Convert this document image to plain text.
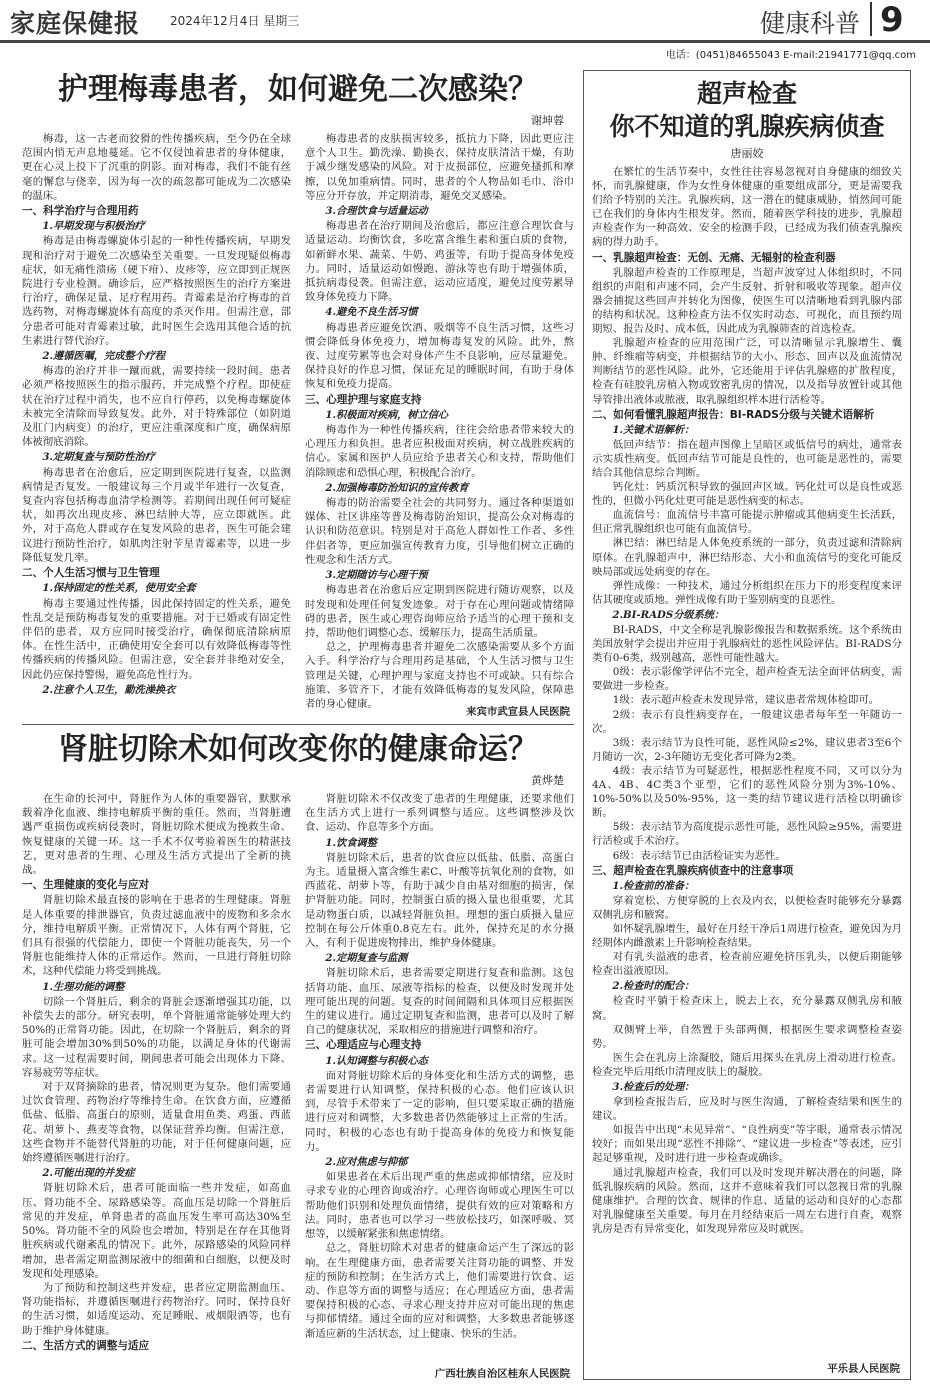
家庭保健报 2024年12月4日 星期三	健康科普 9
电话：(0451)84655043 E-mail:21941771@qq.com
护理梅毒患者，如何避免二次感染？
谢坤蓉

梅毒，这一古老而狡猾的性传播疾病，至今仍在全球范围内悄无声息地蔓延。它不仅侵蚀着患者的身体健康，更在心灵上投下了沉重的阴影。面对梅毒，我们不能有丝毫的懈怠与侥幸，因为每一次的疏忽都可能成为二次感染的温床。

一、科学治疗与合理用药
1.早期发现与积极治疗

梅毒是由梅毒螺旋体引起的一种性传播疾病，早期发现和治疗对于避免二次感染至关重要。一旦发现疑似梅毒症状，如无痛性溃疡（硬下疳）、皮疹等，应立即到正规医院进行专业检测。确诊后，应严格按照医生的治疗方案进行治疗，确保足量、足疗程用药。青霉素是治疗梅毒的首选药物，对梅毒螺旋体有高度的杀灭作用。但需注意，部分患者可能对青霉素过敏，此时医生会选用其他合适的抗生素进行替代治疗。

2.遵循医嘱，完成整个疗程

梅毒的治疗并非一蹴而就，需要持续一段时间。患者必须严格按照医生的指示服药，并完成整个疗程。即使症状在治疗过程中消失，也不应自行停药，以免梅毒螺旋体未被完全清除而导致复发。此外，对于特殊部位（如阴道及肛门内病变）的治疗，更应注重深度和广度，确保病原体被彻底消除。

3.定期复查与预防性治疗

梅毒患者在治愈后，应定期到医院进行复查，以监测病情是否复发。一般建议每三个月或半年进行一次复查，复查内容包括梅毒血清学检测等。若期间出现任何可疑症状，如再次出现皮疹、淋巴结肿大等，应立即就医。此外，对于高危人群或存在复发风险的患者，医生可能会建议进行预防性治疗，如肌肉注射苄星青霉素等，以进一步降低复发几率。

二、个人生活习惯与卫生管理
1.保持固定的性关系，使用安全套

梅毒主要通过性传播，因此保持固定的性关系，避免性乱交是预防梅毒复发的重要措施。对于已婚或有固定性伴侣的患者，双方应同时接受治疗，确保彻底清除病原体。在性生活中，正确使用安全套可以有效降低梅毒等性传播疾病的传播风险。但需注意，安全套并非绝对安全，因此仍应保持警惕，避免高危性行为。

2.注意个人卫生，勤洗澡换衣

梅毒患者的皮肤损害较多，抵抗力下降，因此更应注意个人卫生。勤洗澡、勤换衣，保持皮肤清洁干燥，有助于减少继发感染的风险。对于皮损部位，应避免搔抓和摩擦，以免加重病情。同时，患者的个人物品如毛巾、浴巾等应分开存放，并定期消毒，避免交叉感染。

3.合理饮食与适量运动

梅毒患者在治疗期间及治愈后，都应注意合理饮食与适量运动。均衡饮食，多吃富含维生素和蛋白质的食物，如新鲜水果、蔬菜、牛奶、鸡蛋等，有助于提高身体免疫力。同时，适量运动如慢跑、游泳等也有助于增强体质，抵抗病毒侵袭。但需注意，运动应适度，避免过度劳累导致身体免疫力下降。

4.避免不良生活习惯

梅毒患者应避免饮酒、吸烟等不良生活习惯，这些习惯会降低身体免疫力，增加梅毒复发的风险。此外，熬夜、过度劳累等也会对身体产生不良影响，应尽量避免。保持良好的作息习惯，保证充足的睡眠时间，有助于身体恢复和免疫力提高。

三、心理护理与家庭支持
1.积极面对疾病，树立信心

梅毒作为一种性传播疾病，往往会给患者带来较大的心理压力和负担。患者应积极面对疾病，树立战胜疾病的信心。家属和医护人员应给予患者关心和支持，帮助他们消除顾虑和恐惧心理，积极配合治疗。

2.加强梅毒防治知识的宣传教育

梅毒的防治需要全社会的共同努力。通过各种渠道如媒体、社区讲座等普及梅毒防治知识，提高公众对梅毒的认识和防范意识。特别是对于高危人群如性工作者、多性伴侣者等，更应加强宣传教育力度，引导他们树立正确的性观念和生活方式。

3.定期随访与心理干预

梅毒患者在治愈后应定期到医院进行随访观察，以及时发现和处理任何复发迹象。对于存在心理问题或情绪障碍的患者，医生或心理咨询师应给予适当的心理干预和支持，帮助他们调整心态、缓解压力，提高生活质量。

总之，护理梅毒患者并避免二次感染需要从多个方面入手。科学治疗与合理用药是基础，个人生活习惯与卫生管理是关键，心理护理与家庭支持也不可或缺。只有综合施策、多管齐下，才能有效降低梅毒的复发风险，保障患者的身心健康。

来宾市武宣县人民医院
肾脏切除术如何改变你的健康命运？
黄烨楚

在生命的长河中，肾脏作为人体的重要器官，默默承载着净化血液、维持电解质平衡的重任。然而，当肾脏遭遇严重损伤或疾病侵袭时，肾脏切除术便成为挽救生命、恢复健康的关键一环。这一手术不仅考验着医生的精湛技艺，更对患者的生理、心理及生活方式提出了全新的挑战。

一、生理健康的变化与应对

肾脏切除术最直接的影响在于患者的生理健康。肾脏是人体重要的排泄器官，负责过滤血液中的废物和多余水分，维持电解质平衡。正常情况下，人体有两个肾脏，它们具有很强的代偿能力，即使一个肾脏功能丧失，另一个肾脏也能维持人体的正常运作。然而，一旦进行肾脏切除术，这种代偿能力将受到挑战。

1.生理功能的调整

切除一个肾脏后，剩余的肾脏会逐渐增强其功能，以补偿失去的部分。研究表明，单个肾脏通常能够处理大约50%的正常肾功能。因此，在切除一个肾脏后，剩余的肾脏可能会增加30%到50%的功能，以满足身体的代谢需求。这一过程需要时间，期间患者可能会出现体力下降、容易疲劳等症状。

对于双肾摘除的患者，情况则更为复杂。他们需要通过饮食管理、药物治疗等维持生命。在饮食方面，应遵循低盐、低脂、高蛋白的原则，适量食用鱼类、鸡蛋、西蓝花、胡萝卜、燕麦等食物，以保证营养均衡。但需注意，这些食物并不能替代肾脏的功能，对于任何健康问题，应始终遵循医嘱进行治疗。

2.可能出现的并发症

肾脏切除术后，患者可能面临一些并发症，如高血压、肾功能不全、尿路感染等。高血压是切除一个肾脏后常见的并发症，单肾患者的高血压发生率可高达30%至50%。肾功能不全的风险也会增加，特别是在存在其他肾脏疾病或代谢紊乱的情况下。此外，尿路感染的风险同样增加，患者需定期监测尿液中的细菌和白细胞，以便及时发现和处理感染。

为了预防和控制这些并发症，患者应定期监测血压、肾功能指标，并遵循医嘱进行药物治疗。同时，保持良好的生活习惯，如适度运动、充足睡眠、戒烟限酒等，也有助于维护身体健康。

二、生活方式的调整与适应

肾脏切除术不仅改变了患者的生理健康，还要求他们在生活方式上进行一系列调整与适应。这些调整涉及饮食、运动、作息等多个方面。

1.饮食调整

肾脏切除术后，患者的饮食应以低盐、低脂、高蛋白为主。适量摄入富含维生素C、叶酸等抗氧化剂的食物，如西蓝花、胡萝卜等，有助于减少自由基对细胞的损害，保护肾脏功能。同时，控制蛋白质的摄入量也很重要，尤其是动物蛋白质，以减轻肾脏负担。理想的蛋白质摄入量应控制在每公斤体重0.8克左右。此外，保持充足的水分摄入，有利于促进废物排出，维护身体健康。

2.定期复查与监测

肾脏切除术后，患者需要定期进行复查和监测。这包括肾功能、血压、尿液等指标的检查，以便及时发现并处理可能出现的问题。复查的时间间隔和具体项目应根据医生的建议进行。通过定期复查和监测，患者可以及时了解自己的健康状况，采取相应的措施进行调整和治疗。

三、心理适应与心理支持
1.认知调整与积极心态

面对肾脏切除术后的身体变化和生活方式的调整，患者需要进行认知调整，保持积极的心态。他们应该认识到，尽管手术带来了一定的影响，但只要采取正确的措施进行应对和调整，大多数患者仍然能够过上正常的生活。同时，积极的心态也有助于提高身体的免疫力和恢复能力。

2.应对焦虑与抑郁

如果患者在术后出现严重的焦虑或抑郁情绪，应及时寻求专业的心理咨询或治疗。心理咨询师或心理医生可以帮助他们识别和处理负面情绪，提供有效的应对策略和方法。同时，患者也可以学习一些放松技巧，如深呼吸、冥想等，以缓解紧张和焦虑情绪。

总之，肾脏切除术对患者的健康命运产生了深远的影响。在生理健康方面，患者需要关注肾功能的调整、并发症的预防和控制；在生活方式上，他们需要进行饮食、运动、作息等方面的调整与适应；在心理适应方面，患者需要保持积极的心态、寻求心理支持并应对可能出现的焦虑与抑郁情绪。通过全面的应对和调整，大多数患者能够逐渐适应新的生活状态，过上健康、快乐的生活。

广西壮族自治区桂东人民医院
超声检查
你不知道的乳腺疾病侦查
唐丽姣

在繁忙的生活节奏中，女性往往容易忽视对自身健康的细致关怀，而乳腺健康，作为女性身体健康的重要组成部分，更是需要我们给予特别的关注。乳腺疾病，这一潜在的健康威胁，悄然间可能已在我们的身体内生根发芽。然而，随着医学科技的进步，乳腺超声检查作为一种高效、安全的检测手段，已经成为我们侦查乳腺疾病的得力助手。

一、乳腺超声检查：无创、无痛、无辐射的检查利器

乳腺超声检查的工作原理是，当超声波穿过人体组织时，不同组织的声阻和声速不同，会产生反射、折射和吸收等现象。超声仪器会捕捉这些回声并转化为图像，使医生可以清晰地看到乳腺内部的结构和状况。这种检查方法不仅实时动态、可视化，而且预约周期短、报告及时、成本低，因此成为乳腺筛查的首选检查。

乳腺超声检查的应用范围广泛，可以清晰显示乳腺增生、囊肿、纤维瘤等病变，并根据结节的大小、形态、回声以及血流情况判断结节的恶性风险。此外，它还能用于评估乳腺癌的扩散程度，检查有硅胶乳房植入物或致密乳房的情况，以及指导放置针或其他导管排出液体或脓液，取乳腺组织样本进行活检等。

二、如何看懂乳腺超声报告：BI-RADS分级与关键术语解析
1.关键术语解析：

低回声结节：指在超声图像上呈暗区或低信号的病灶，通常表示实质性病变。低回声结节可能是良性的，也可能是恶性的，需要结合其他信息综合判断。

钙化灶：钙质沉积导致的强回声区域。钙化灶可以是良性或恶性的，但微小钙化灶更可能是恶性病变的标志。

血流信号：血流信号丰富可能提示肿瘤或其他病变生长活跃，但正常乳腺组织也可能有血流信号。

淋巴结：淋巴结是人体免疫系统的一部分，负责过滤和清除病原体。在乳腺超声中，淋巴结形态、大小和血流信号的变化可能反映局部或远处病变的存在。

弹性成像：一种技术，通过分析组织在压力下的形变程度来评估其硬度或质地。弹性成像有助于鉴别病变的良恶性。

2.BI-RADS分级系统：

BI-RADS，中文全称是乳腺影像报告和数据系统。这个系统由美国放射学会提出并应用于乳腺病灶的恶性风险评估。BI-RADS分类有0-6类，级别越高，恶性可能性越大。

0级：表示影像学评估不完全，超声检查无法全面评估病变，需要做进一步检查。

1级：表示超声检查未发现异常，建议患者常规体检即可。

2级：表示有良性病变存在，一般建议患者每年至一年随访一次。

3级：表示结节为良性可能，恶性风险≤2%，建议患者3至6个月随访一次，2-3年随访无变化者可降为2类。

4级：表示结节为可疑恶性，根据恶性程度不同，又可以分为4A、4B、4C类3个亚型，它们的恶性风险分别为3%-10%、10%-50%以及50%-95%，这一类的结节建议进行活检以明确诊断。

5级：表示结节为高度提示恶性可能，恶性风险≥95%，需要进行活检或手术治疗。

6级：表示结节已由活检证实为恶性。

三、超声检查在乳腺疾病侦查中的注意事项
1.检查前的准备：

穿着宽松、方便穿脱的上衣及内衣，以便检查时能够充分暴露双侧乳房和腋窝。

如怀疑乳腺增生，最好在月经干净后1周进行检查，避免因为月经期体内雌激素上升影响检查结果。

对有乳头溢液的患者，检查前应避免挤压乳头，以便后期能够检查出溢液原因。

2.检查时的配合：

检查时平躺于检查床上，脱去上衣，充分暴露双侧乳房和腋窝。

双侧臂上举，自然置于头部两侧，根据医生要求调整检查姿势。

医生会在乳房上涂凝胶，随后用探头在乳房上滑动进行检查。检查完毕后用纸巾清理皮肤上的凝胶。

3.检查后的处理：

拿到检查报告后，应及时与医生沟通，了解检查结果和医生的建议。

如报告中出现“未见异常”、“良性病变”等字眼，通常表示情况较好；而如果出现“恶性不排除”、“建议进一步检查”等表述，应引起足够重视，及时进行进一步检查或确诊。

通过乳腺超声检查，我们可以及时发现并解决潜在的问题，降低乳腺疾病的风险。然而，这并不意味着我们可以忽视日常的乳腺健康维护。合理的饮食、规律的作息、适量的运动和良好的心态都对乳腺健康至关重要。每月在月经结束后一周左右进行自查，观察乳房是否有异常变化，如发现异常应及时就医。

平乐县人民医院
